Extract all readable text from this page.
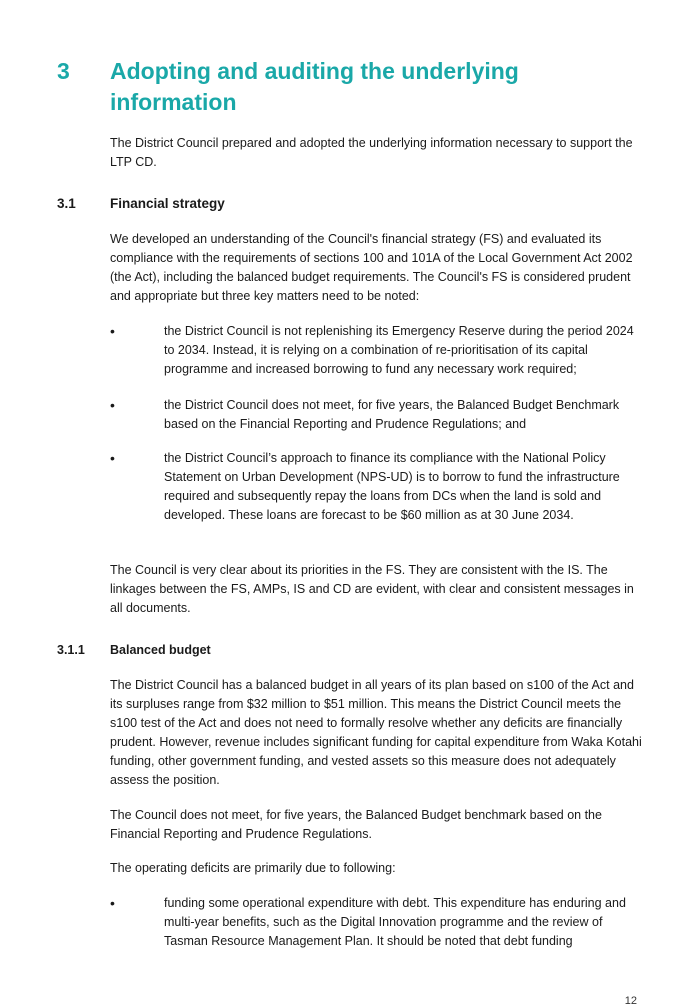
3 Adopting and auditing the underlying information
The District Council prepared and adopted the underlying information necessary to support the LTP CD.
3.1	Financial strategy
We developed an understanding of the Council's financial strategy (FS) and evaluated its compliance with the requirements of sections 100 and 101A of the Local Government Act 2002 (the Act), including the balanced budget requirements. The Council's FS is considered prudent and appropriate but three key matters need to be noted:
•	the District Council is not replenishing its Emergency Reserve during the period 2024 to 2034. Instead, it is relying on a combination of re-prioritisation of its capital programme and increased borrowing to fund any necessary work required;
•	the District Council does not meet, for five years, the Balanced Budget Benchmark based on the Financial Reporting and Prudence Regulations; and
•	the District Council’s approach to finance its compliance with the National Policy Statement on Urban Development (NPS-UD) is to borrow to fund the infrastructure required and subsequently repay the loans from DCs when the land is sold and developed. These loans are forecast to be $60 million as at 30 June 2034.
The Council is very clear about its priorities in the FS. They are consistent with the IS. The linkages between the FS, AMPs, IS and CD are evident, with clear and consistent messages in all documents.
3.1.1 Balanced budget
The District Council has a balanced budget in all years of its plan based on s100 of the Act and its surpluses range from $32 million to $51 million. This means the District Council meets the s100 test of the Act and does not need to formally resolve whether any deficits are financially prudent. However, revenue includes significant funding for capital expenditure from Waka Kotahi funding, other government funding, and vested assets so this measure does not adequately assess the position.
The Council does not meet, for five years, the Balanced Budget benchmark based on the Financial Reporting and Prudence Regulations.
The operating deficits are primarily due to following:
•	funding some operational expenditure with debt. This expenditure has enduring and multi-year benefits, such as the Digital Innovation programme and the review of Tasman Resource Management Plan. It should be noted that debt funding
12
